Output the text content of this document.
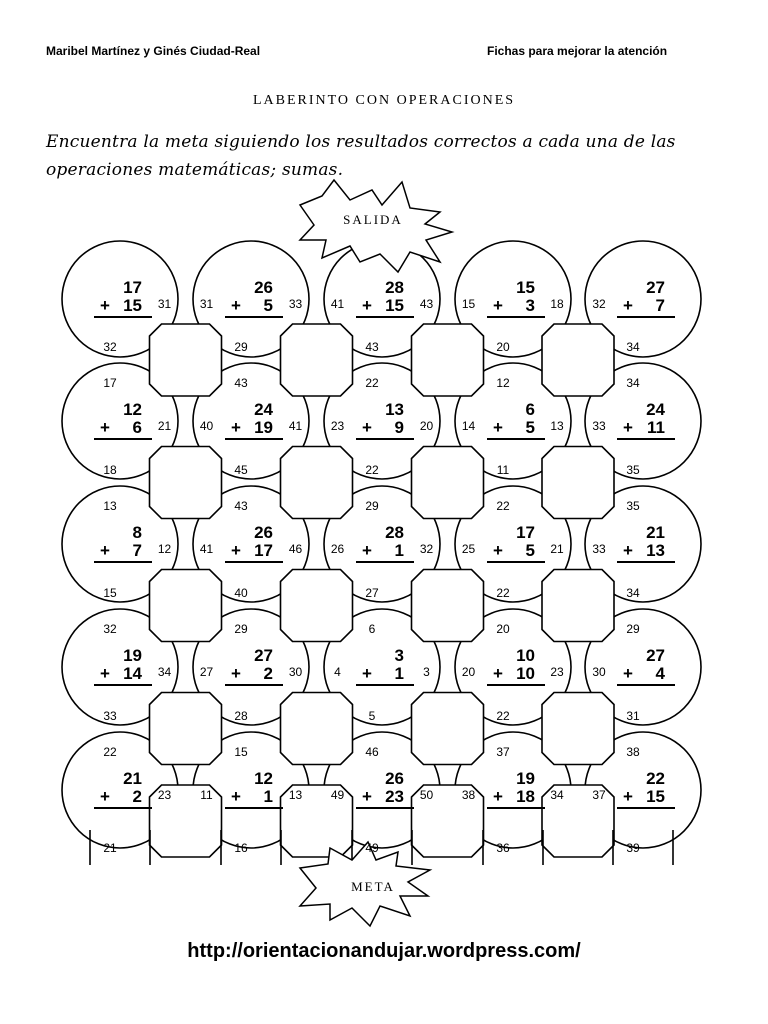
Maribel Martínez y Ginés Ciudad-Real	Fichas para mejorar la atención
LABERINTO CON OPERACIONES
Encuentra la meta siguiendo los resultados correctos a cada una de las operaciones matemáticas; sumas.
SALIDA
META
17
+ 15
26
+ 5
28
+ 15
15
+ 3
27
+ 7
12
+ 6
24
+ 19
13
+ 9
6
+ 5
24
+ 11
8
+ 7
26
+ 17
28
+ 1
17
+ 5
21
+ 13
19
+ 14
27
+ 2
3
+ 1
10
+ 10
27
+ 4
21
+ 2
12
+ 1
26
+ 23
19
+ 18
22
+ 15
31	31	33	41	43	15	18	32
21	40	41	23	20	14	13	33
12	41	46	26	32	25	21	33
34	27	30	4	3	20	23	30
23	11	13	49	50	38	34	37
32
17
29
43
43
22
20
12
34
34
18
13
45
43
22
29
11
22
35
35
15
32
40
29
27
6
22
20
34
29
33
22
28
15
5
46
22
37
31
38
21	16	49	36	39
http://orientacionandujar.wordpress.com/
